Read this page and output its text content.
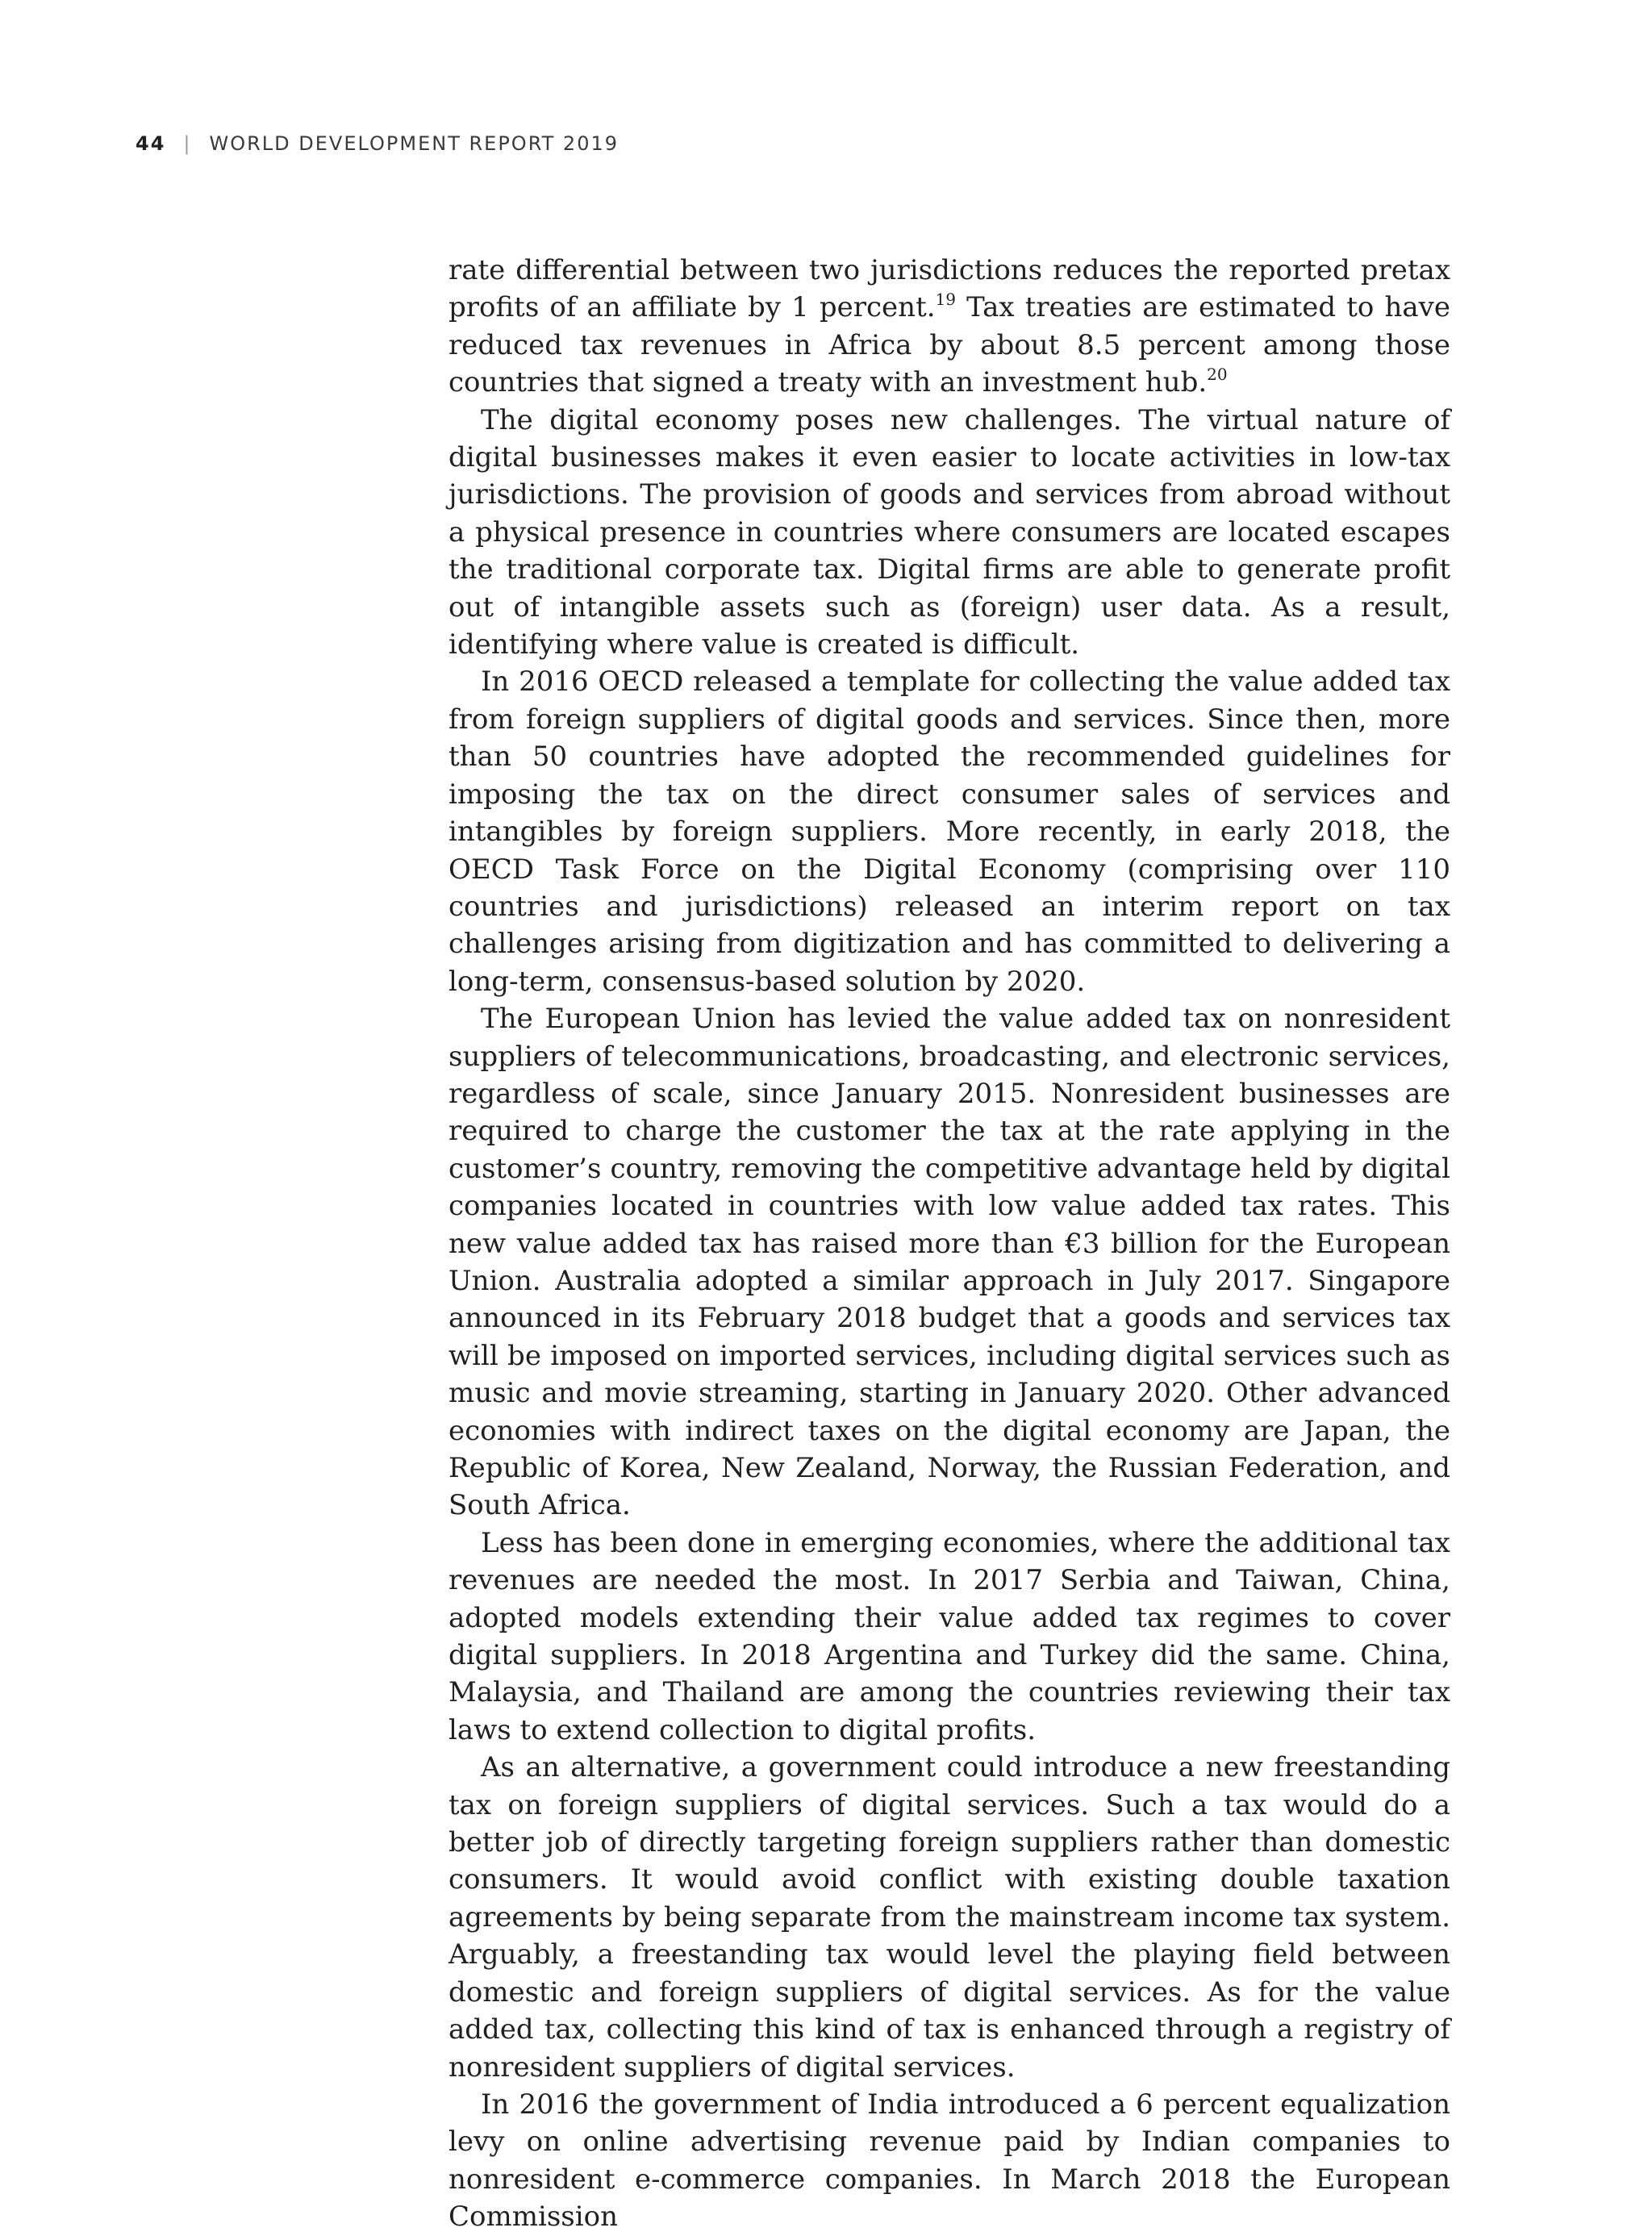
44 | WORLD DEVELOPMENT REPORT 2019

rate differential between two jurisdictions reduces the reported pretax profits of an affiliate by 1 percent.$^{19}$ Tax treaties are estimated to have reduced tax revenues in Africa by about 8.5 percent among those countries that signed a treaty with an investment hub.$^{20}$

The digital economy poses new challenges. The virtual nature of digital businesses makes it even easier to locate activities in low-tax jurisdictions. The provision of goods and services from abroad without a physical presence in countries where consumers are located escapes the traditional corporate tax. Digital firms are able to generate profit out of intangible assets such as (foreign) user data. As a result, identifying where value is created is difficult.

In 2016 OECD released a template for collecting the value added tax from foreign suppliers of digital goods and services. Since then, more than 50 countries have adopted the recommended guidelines for imposing the tax on the direct consumer sales of services and intangibles by foreign suppliers. More recently, in early 2018, the OECD Task Force on the Digital Economy (comprising over 110 countries and jurisdictions) released an interim report on tax challenges arising from digitization and has committed to delivering a long-term, consensus-based solution by 2020.

The European Union has levied the value added tax on nonresident suppliers of telecommunications, broadcasting, and electronic services, regardless of scale, since January 2015. Nonresident businesses are required to charge the customer the tax at the rate applying in the customer’s country, removing the competitive advantage held by digital companies located in countries with low value added tax rates. This new value added tax has raised more than €3 billion for the European Union. Australia adopted a similar approach in July 2017. Singapore announced in its February 2018 budget that a goods and services tax will be imposed on imported services, including digital services such as music and movie streaming, starting in January 2020. Other advanced economies with indirect taxes on the digital economy are Japan, the Republic of Korea, New Zealand, Norway, the Russian Federation, and South Africa.

Less has been done in emerging economies, where the additional tax revenues are needed the most. In 2017 Serbia and Taiwan, China, adopted models extending their value added tax regimes to cover digital suppliers. In 2018 Argentina and Turkey did the same. China, Malaysia, and Thailand are among the countries reviewing their tax laws to extend collection to digital profits.

As an alternative, a government could introduce a new freestanding tax on foreign suppliers of digital services. Such a tax would do a better job of directly targeting foreign suppliers rather than domestic consumers. It would avoid conflict with existing double taxation agreements by being separate from the mainstream income tax system. Arguably, a freestanding tax would level the playing field between domestic and foreign suppliers of digital services. As for the value added tax, collecting this kind of tax is enhanced through a registry of nonresident suppliers of digital services.

In 2016 the government of India introduced a 6 percent equalization levy on online advertising revenue paid by Indian companies to nonresident e-commerce companies. In March 2018 the European Commission
